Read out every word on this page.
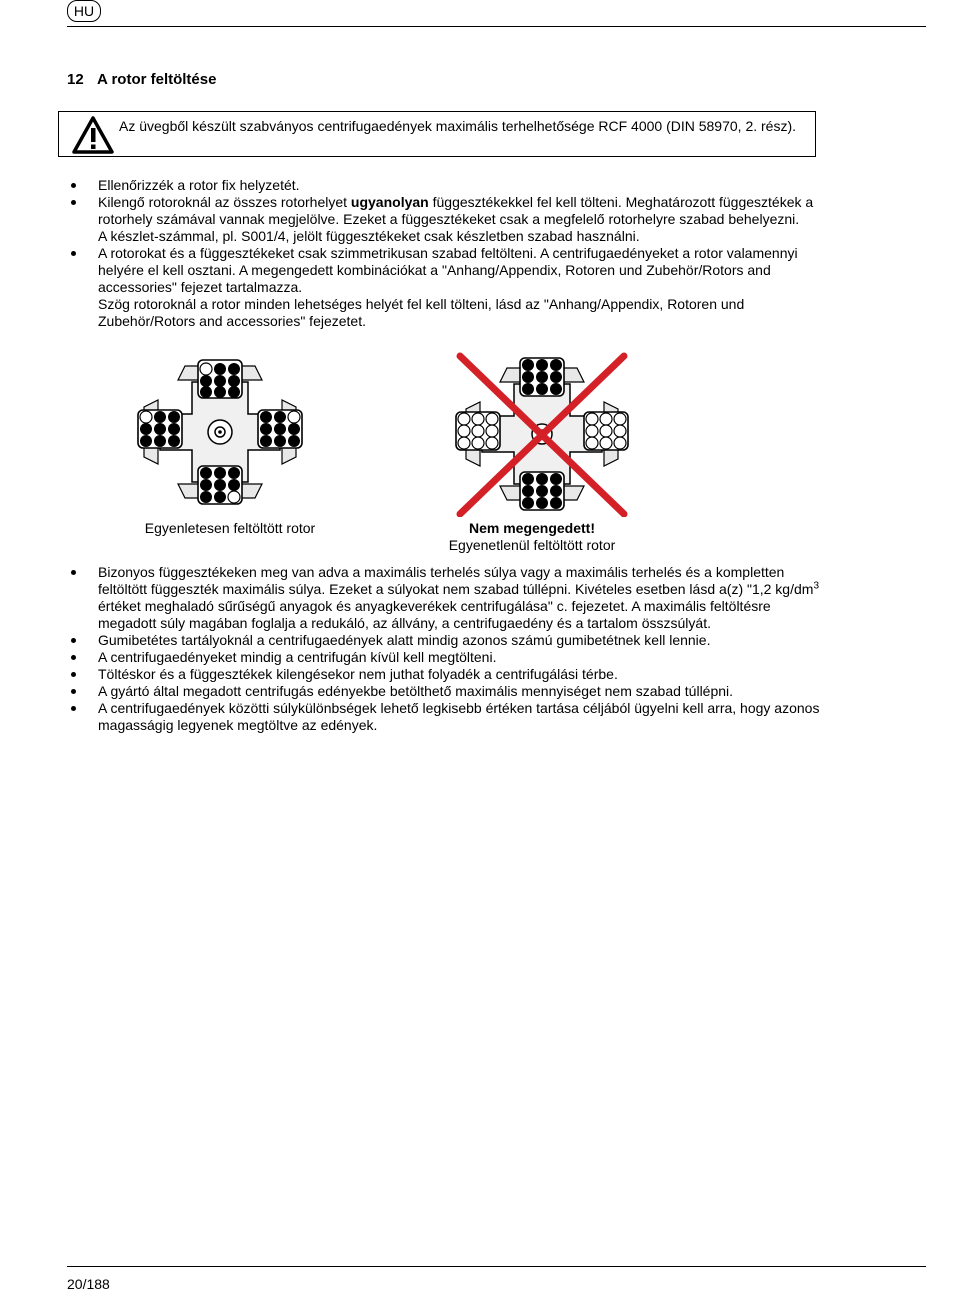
HU
12 A rotor feltöltése
Az üvegből készült szabványos centrifugaedények maximális terhelhetősége RCF 4000 (DIN 58970, 2. rész).
Ellenőrizzék a rotor fix helyzetét.
Kilengő rotoroknál az összes rotorhelyet ugyanolyan függesztékekkel fel kell tölteni. Meghatározott függesztékek a rotorhely számával vannak megjelölve. Ezeket a függesztékeket csak a megfelelő rotorhelyre szabad behelyezni.
A készlet-számmal, pl. S001/4, jelölt függesztékeket csak készletben szabad használni.
A rotorokat és a függesztékeket csak szimmetrikusan szabad feltölteni. A centrifugaedényeket a rotor valamennyi helyére el kell osztani. A megengedett kombinációkat a "Anhang/Appendix, Rotoren und Zubehör/Rotors and accessories" fejezet tartalmazza.
Szög rotoroknál a rotor minden lehetséges helyét fel kell tölteni, lásd az "Anhang/Appendix, Rotoren und Zubehör/Rotors and accessories" fejezetet.
Egyenletesen feltöltött rotor	Nem megengedett!
Egyenetlenül feltöltött rotor
Bizonyos függesztékeken meg van adva a maximális terhelés súlya vagy a maximális terhelés és a kompletten feltöltött függeszték maximális súlya. Ezeket a súlyokat nem szabad túllépni. Kivételes esetben lásd a(z) "1,2 $kg/dm^3$ értéket meghaladó sűrűségű anyagok és anyagkeverékek centrifugálása" c. fejezetet. A maximális feltöltésre megadott súly magában foglalja a redukáló, az állvány, a centrifugaedény és a tartalom összsúlyát.
Gumibetétes tartályoknál a centrifugaedények alatt mindig azonos számú gumibetétnek kell lennie.
A centrifugaedényeket mindig a centrifugán kívül kell megtölteni.
Töltéskor és a függesztékek kilengésekor nem juthat folyadék a centrifugálási térbe.
A gyártó által megadott centrifugás edényekbe betölthető maximális mennyiséget nem szabad túllépni.
A centrifugaedények közötti súlykülönbségek lehető legkisebb értéken tartása céljából ügyelni kell arra, hogy azonos magasságig legyenek megtöltve az edények.
20/188
